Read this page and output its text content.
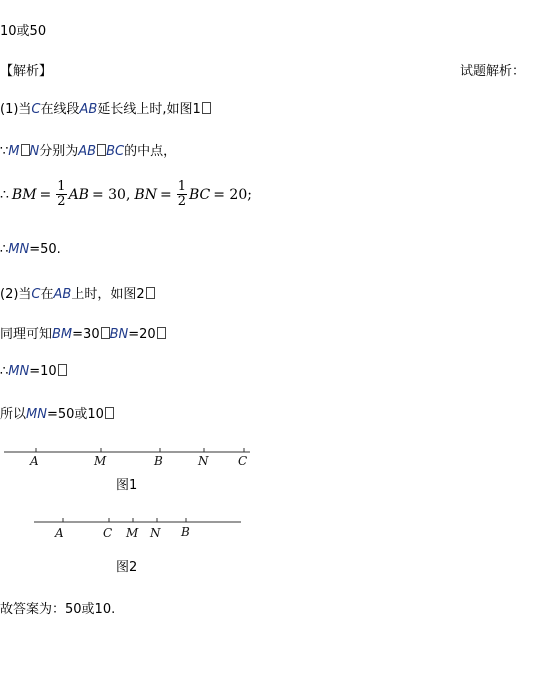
10或50
【解析】	试题解析：
(1)当C在线段AB延长线上时,如图1
∵M N分别为AB BC的中点，
∴ BM = $\frac{1}{2}$ AB = 30, BN = $\frac{1}{2}$ BC = 20;
∴MN=50.
(2)当C在AB上时，如图2
同理可知BM=30 BN=20
∴MN=10
所以MN=50或10
A	M	B	N C
图1
A	C M N B
图2
故答案为：50或10.
